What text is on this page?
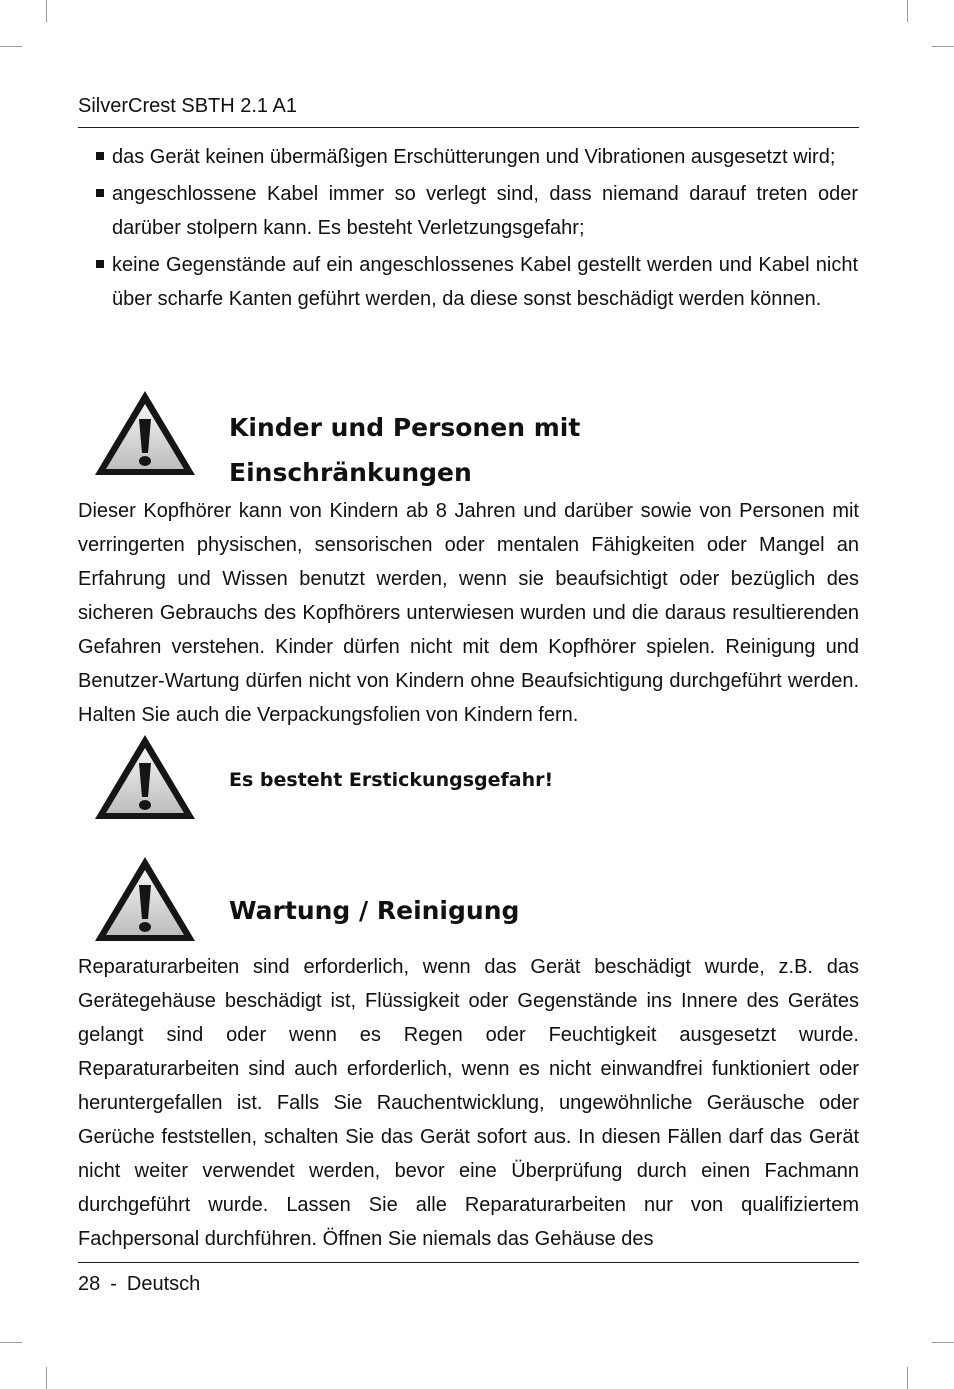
SilverCrest SBTH 2.1 A1
das Gerät keinen übermäßigen Erschütterungen und Vibrationen ausgesetzt wird;
angeschlossene Kabel immer so verlegt sind, dass niemand darauf treten oder darüber stolpern kann. Es besteht Verletzungsgefahr;
keine Gegenstände auf ein angeschlossenes Kabel gestellt werden und Kabel nicht über scharfe Kanten geführt werden, da diese sonst beschädigt werden können.
Kinder und Personen mit
Einschränkungen

Dieser Kopfhörer kann von Kindern ab 8 Jahren und darüber sowie von Personen mit verringerten physischen, sensorischen oder mentalen Fähigkeiten oder Mangel an Erfahrung und Wissen benutzt werden, wenn sie beaufsichtigt oder bezüglich des sicheren Gebrauchs des Kopfhörers unterwiesen wurden und die daraus resultierenden Gefahren verstehen. Kinder dürfen nicht mit dem Kopfhörer spielen. Reinigung und Benutzer-Wartung dürfen nicht von Kindern ohne Beaufsichtigung durchgeführt werden. Halten Sie auch die Verpackungsfolien von Kindern fern.

Es besteht Erstickungsgefahr!

Wartung / Reinigung

Reparaturarbeiten sind erforderlich, wenn das Gerät beschädigt wurde, z.B. das Gerätegehäuse beschädigt ist, Flüssigkeit oder Gegenstände ins Innere des Gerätes gelangt sind oder wenn es Regen oder Feuchtigkeit ausgesetzt wurde. Reparaturarbeiten sind auch erforderlich, wenn es nicht einwandfrei funktioniert oder heruntergefallen ist. Falls Sie Rauchentwicklung, ungewöhnliche Geräusche oder Gerüche feststellen, schalten Sie das Gerät sofort aus. In diesen Fällen darf das Gerät nicht weiter verwendet werden, bevor eine Überprüfung durch einen Fachmann durchgeführt wurde. Lassen Sie alle Reparaturarbeiten nur von qualifiziertem Fachpersonal durchführen. Öffnen Sie niemals das Gehäuse des

28 - Deutsch
